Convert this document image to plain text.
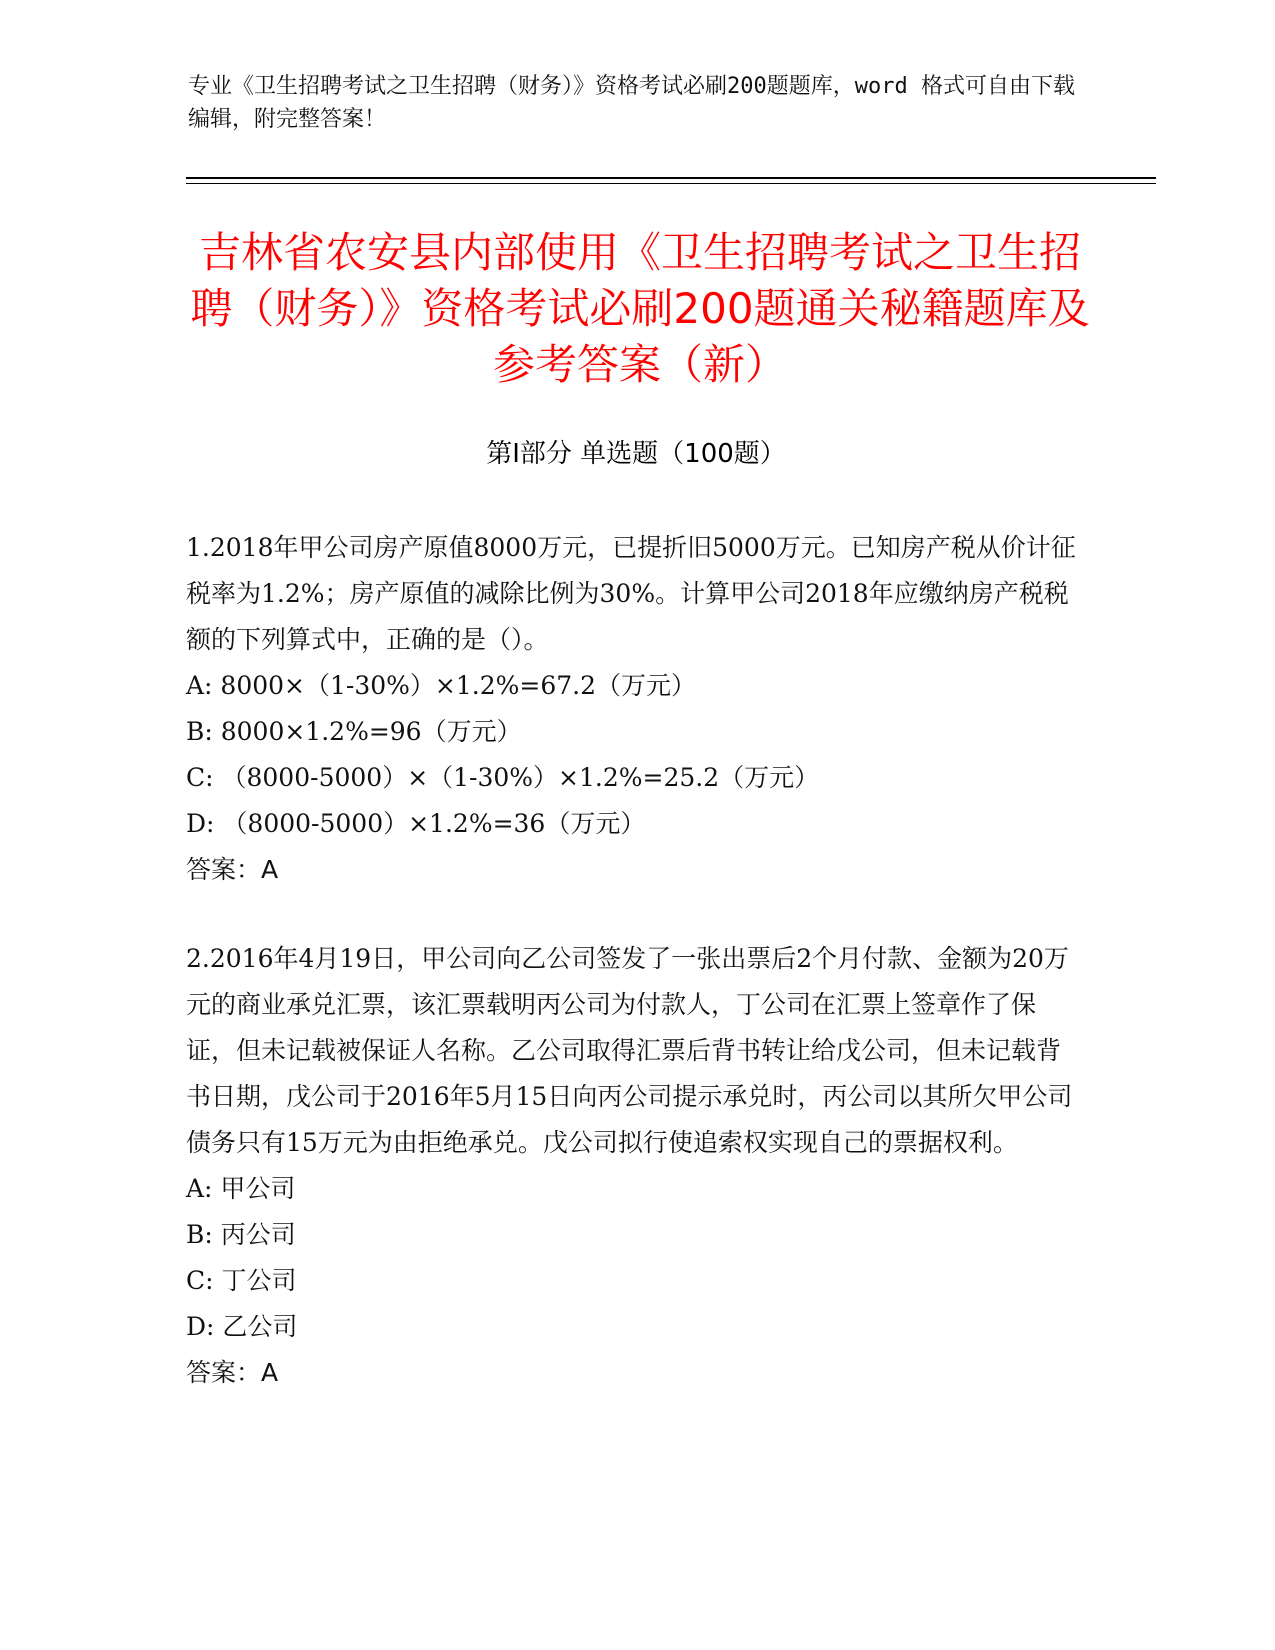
专业《卫生招聘考试之卫生招聘（财务）》资格考试必刷200题题库，word 格式可自由下载编辑，附完整答案！
吉林省农安县内部使用《卫生招聘考试之卫生招聘（财务）》资格考试必刷200题通关秘籍题库及参考答案（新）
第Ⅰ部分 单选题（100题）

1.2018年甲公司房产原值8000万元，已提折旧5000万元。已知房产税从价计征税率为1.2%；房产原值的减除比例为30%。计算甲公司2018年应缴纳房产税税额的下列算式中，正确的是（）。

A: 8000×（1-30%）×1.2%=67.2（万元）

B: 8000×1.2%=96（万元）

C: （8000-5000）×（1-30%）×1.2%=25.2（万元）

D: （8000-5000）×1.2%=36（万元）

答案：A

2.2016年4月19日，甲公司向乙公司签发了一张出票后2个月付款、金额为20万元的商业承兑汇票，该汇票载明丙公司为付款人，丁公司在汇票上签章作了保证，但未记载被保证人名称。乙公司取得汇票后背书转让给戊公司，但未记载背书日期，戊公司于2016年5月15日向丙公司提示承兑时，丙公司以其所欠甲公司债务只有15万元为由拒绝承兑。戊公司拟行使追索权实现自己的票据权利。

A: 甲公司

B: 丙公司

C: 丁公司

D: 乙公司

答案：A
